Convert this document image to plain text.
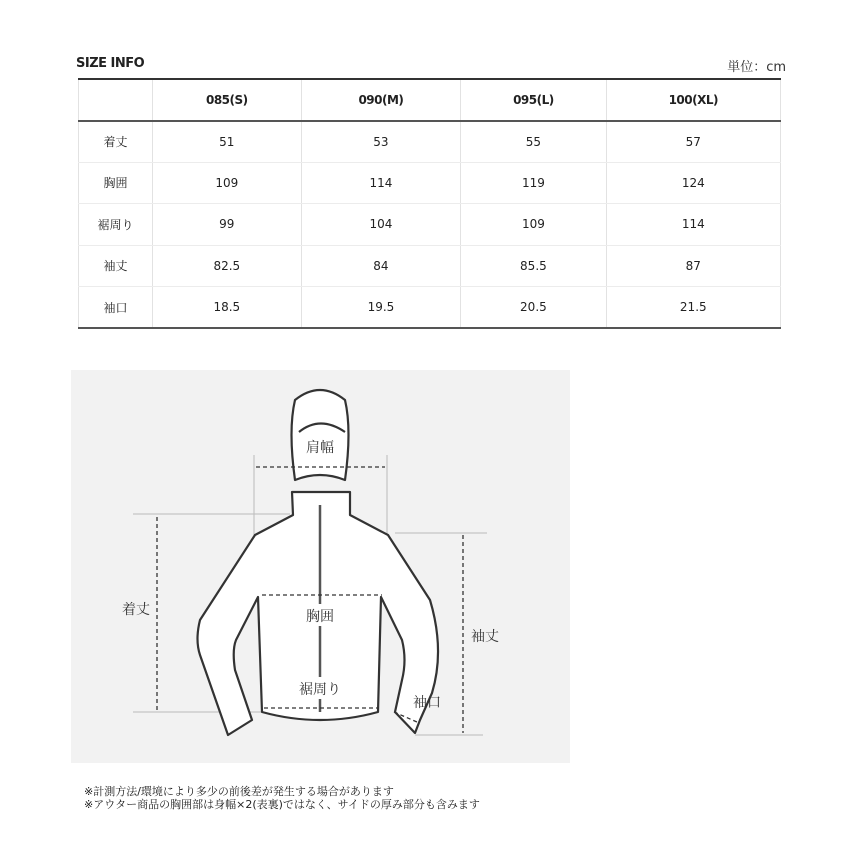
SIZE INFO	単位：cm
	085(S)	090(M)	095(L)	100(XL)
着丈	51	53	55	57
胸囲	109	114	119	124
裾周り	99	104	109	114
袖丈	82.5	84	85.5	87
袖口	18.5	19.5	20.5	21.5
肩幅
着丈	胸囲
裾周り
袖丈
袖口
※計測方法/環境により多少の前後差が発生する場合があります
※アウター商品の胸囲部は身幅×2(表裏)ではなく、サイドの厚み部分も含みます
